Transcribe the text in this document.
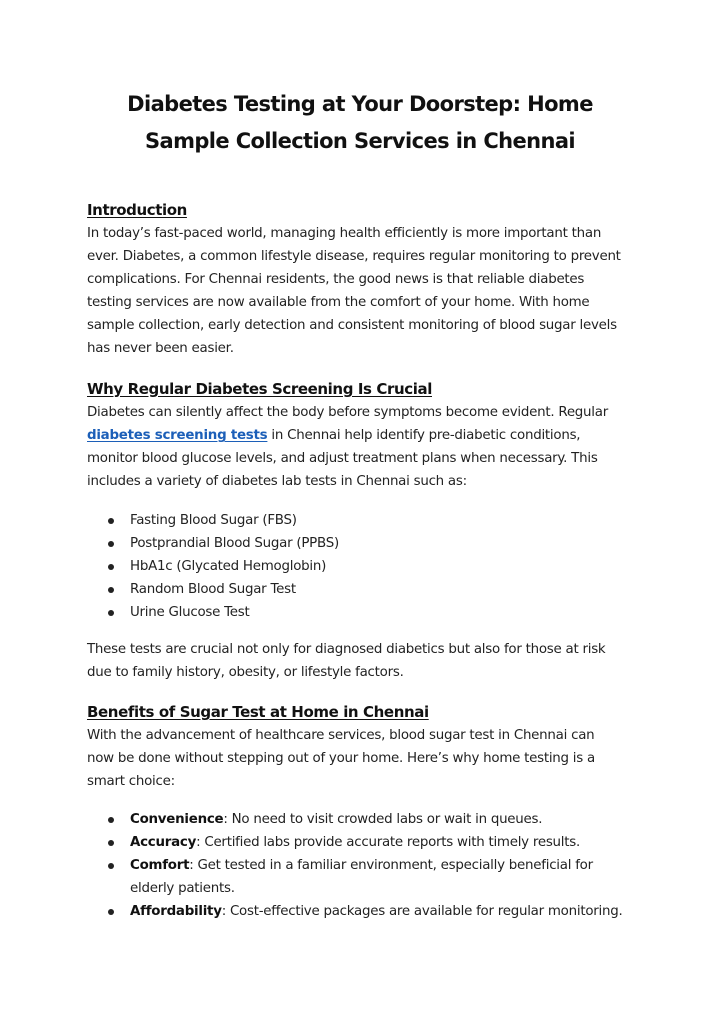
Diabetes Testing at Your Doorstep: Home
Sample Collection Services in Chennai
Introduction

In today’s fast-paced world, managing health efficiently is more important than
ever. Diabetes, a common lifestyle disease, requires regular monitoring to prevent
complications. For Chennai residents, the good news is that reliable diabetes
testing services are now available from the comfort of your home. With home
sample collection, early detection and consistent monitoring of blood sugar levels
has never been easier.

Why Regular Diabetes Screening Is Crucial

Diabetes can silently affect the body before symptoms become evident. Regular
diabetes screening tests in Chennai help identify pre-diabetic conditions,
monitor blood glucose levels, and adjust treatment plans when necessary. This
includes a variety of diabetes lab tests in Chennai such as:

Fasting Blood Sugar (FBS)
Postprandial Blood Sugar (PPBS)
HbA1c (Glycated Hemoglobin)
Random Blood Sugar Test
Urine Glucose Test

These tests are crucial not only for diagnosed diabetics but also for those at risk
due to family history, obesity, or lifestyle factors.

Benefits of Sugar Test at Home in Chennai

With the advancement of healthcare services, blood sugar test in Chennai can
now be done without stepping out of your home. Here’s why home testing is a
smart choice:

Convenience: No need to visit crowded labs or wait in queues.
Accuracy: Certified labs provide accurate reports with timely results.
Comfort: Get tested in a familiar environment, especially beneficial for
elderly patients.
Affordability: Cost-effective packages are available for regular monitoring.
